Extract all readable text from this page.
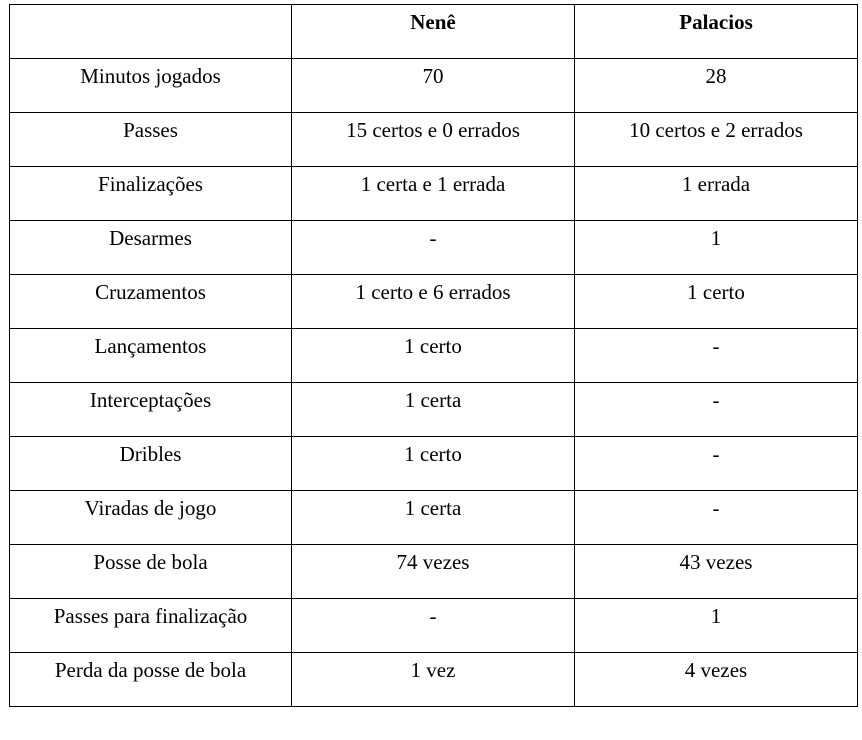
	Nenê	Palacios

Minutos jogados	70	28

Passes	15 certos e 0 errados	10 certos e 2 errados

Finalizações	1 certa e 1 errada	1 errada

Desarmes	-	1

Cruzamentos	1 certo e 6 errados	1 certo

Lançamentos	1 certo	-

Interceptações	1 certa	-

Dribles	1 certo	-

Viradas de jogo	1 certa	-

Posse de bola	74 vezes	43 vezes

Passes para finalização	-	1

Perda da posse de bola	1 vez	4 vezes
